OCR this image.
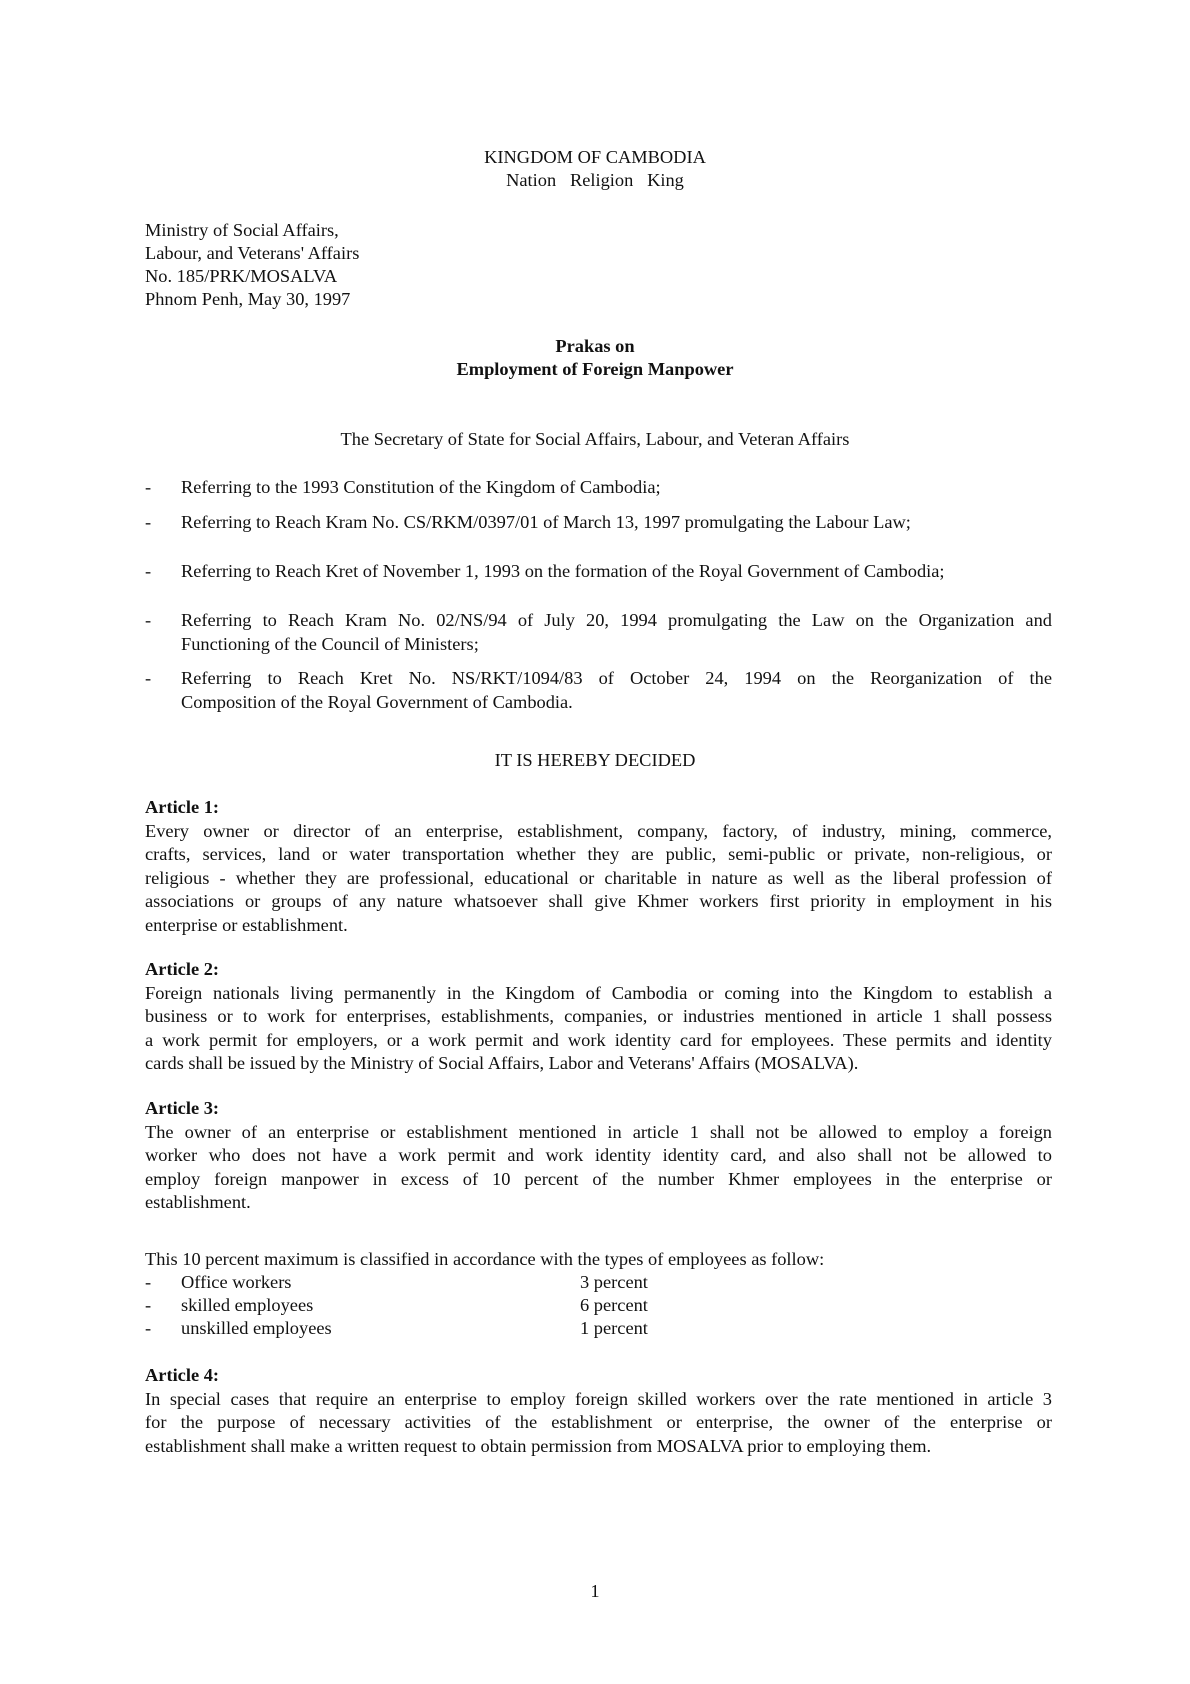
KINGDOM OF CAMBODIA
Nation   Religion   King
Ministry of Social Affairs,
Labour, and Veterans' Affairs
No. 185/PRK/MOSALVA
Phnom Penh, May 30, 1997
Prakas on
Employment of Foreign Manpower
The Secretary of State for Social Affairs, Labour, and Veteran Affairs
- Referring to the 1993 Constitution of the Kingdom of Cambodia;
- Referring to Reach Kram No. CS/RKM/0397/01 of March 13, 1997 promulgating the Labour Law;
- Referring to Reach Kret of November 1, 1993 on the formation of the Royal Government of Cambodia;
- Referring to Reach Kram No. 02/NS/94 of July 20, 1994 promulgating the Law on the Organization and
Functioning of the Council of Ministers;
- Referring to Reach Kret No. NS/RKT/1094/83 of October 24, 1994 on the Reorganization of the
Composition of the Royal Government of Cambodia.
IT IS HEREBY DECIDED
Article 1:
Every owner or director of an enterprise, establishment, company, factory, of industry, mining, commerce,
crafts, services, land or water transportation whether they are public, semi-public or private, non-religious, or
religious - whether they are professional, educational or charitable in nature as well as the liberal profession of
associations or groups of any nature whatsoever shall give Khmer workers first priority in employment in his
enterprise or establishment.
Article 2:
Foreign nationals living permanently in the Kingdom of Cambodia or coming into the Kingdom to establish a
business or to work for enterprises, establishments, companies, or industries mentioned in article 1 shall possess
a work permit for employers, or a work permit and work identity card for employees. These permits and identity
cards shall be issued by the Ministry of Social Affairs, Labor and Veterans' Affairs (MOSALVA).
Article 3:
The owner of an enterprise or establishment mentioned in article 1 shall not be allowed to employ a foreign
worker who does not have a work permit and work identity identity card, and also shall not be allowed to
employ foreign manpower in excess of 10 percent of the number Khmer employees in the enterprise or
establishment.
This 10 percent maximum is classified in accordance with the types of employees as follow:
- Office workers	3 percent
- skilled employees	6 percent
- unskilled employees	1 percent
Article 4:
In special cases that require an enterprise to employ foreign skilled workers over the rate mentioned in article 3
for the purpose of necessary activities of the establishment or enterprise, the owner of the enterprise or
establishment shall make a written request to obtain permission from MOSALVA prior to employing them.
1
